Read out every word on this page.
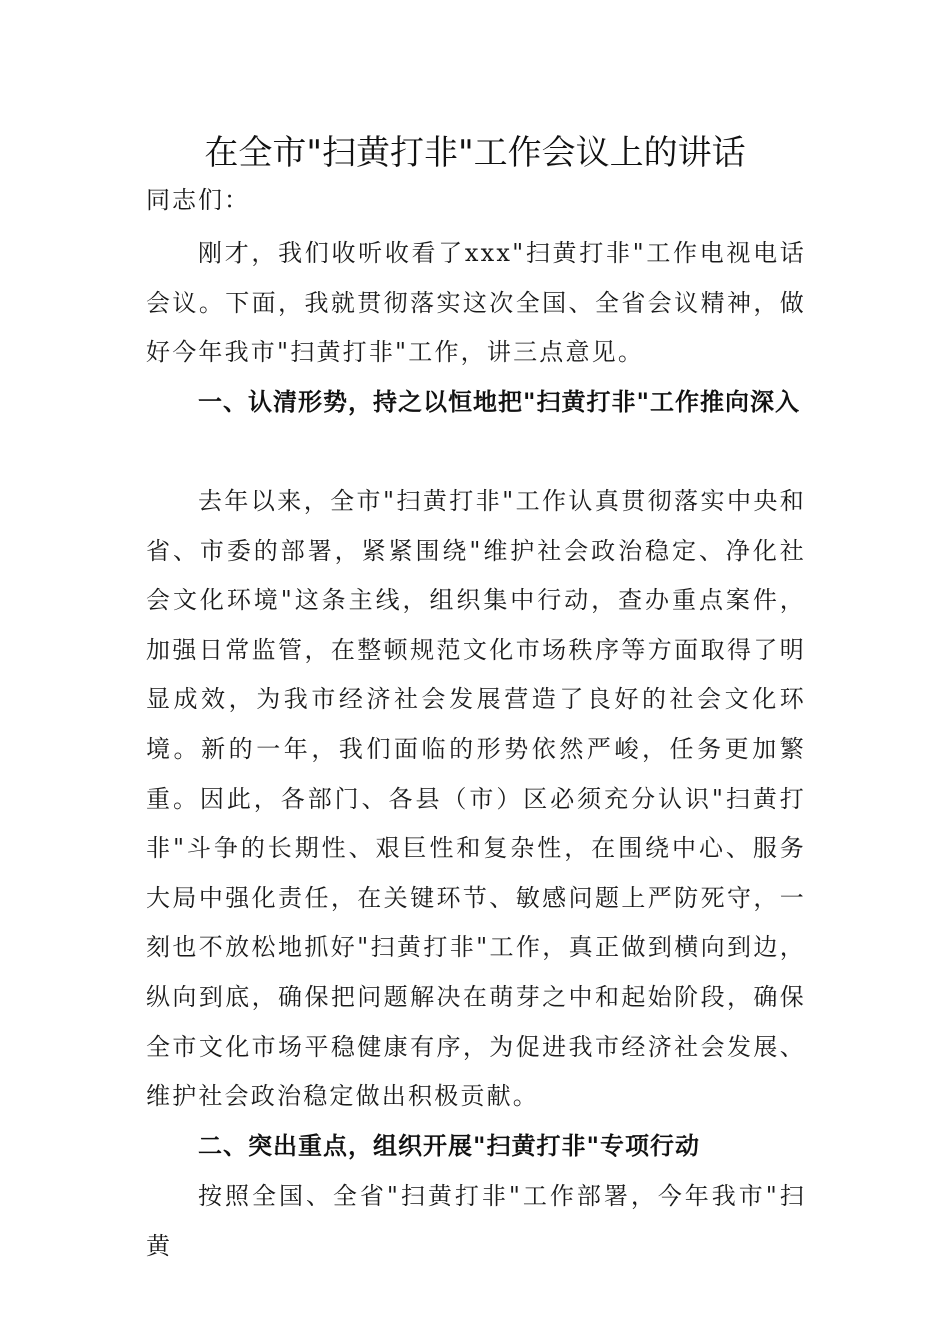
在全市"扫黄打非"工作会议上的讲话
同志们：

刚才，我们收听收看了xxx"扫黄打非"工作电视电话会议。下面，我就贯彻落实这次全国、全省会议精神，做好今年我市"扫黄打非"工作，讲三点意见。

一、认清形势，持之以恒地把"扫黄打非"工作推向深入

去年以来，全市"扫黄打非"工作认真贯彻落实中央和省、市委的部署，紧紧围绕"维护社会政治稳定、净化社会文化环境"这条主线，组织集中行动，查办重点案件，加强日常监管，在整顿规范文化市场秩序等方面取得了明显成效，为我市经济社会发展营造了良好的社会文化环境。新的一年，我们面临的形势依然严峻，任务更加繁重。因此，各部门、各县（市）区必须充分认识"扫黄打非"斗争的长期性、艰巨性和复杂性，在围绕中心、服务大局中强化责任，在关键环节、敏感问题上严防死守，一刻也不放松地抓好"扫黄打非"工作，真正做到横向到边，纵向到底，确保把问题解决在萌芽之中和起始阶段，确保全市文化市场平稳健康有序，为促进我市经济社会发展、维护社会政治稳定做出积极贡献。

二、突出重点，组织开展"扫黄打非"专项行动

按照全国、全省"扫黄打非"工作部署，今年我市"扫黄
